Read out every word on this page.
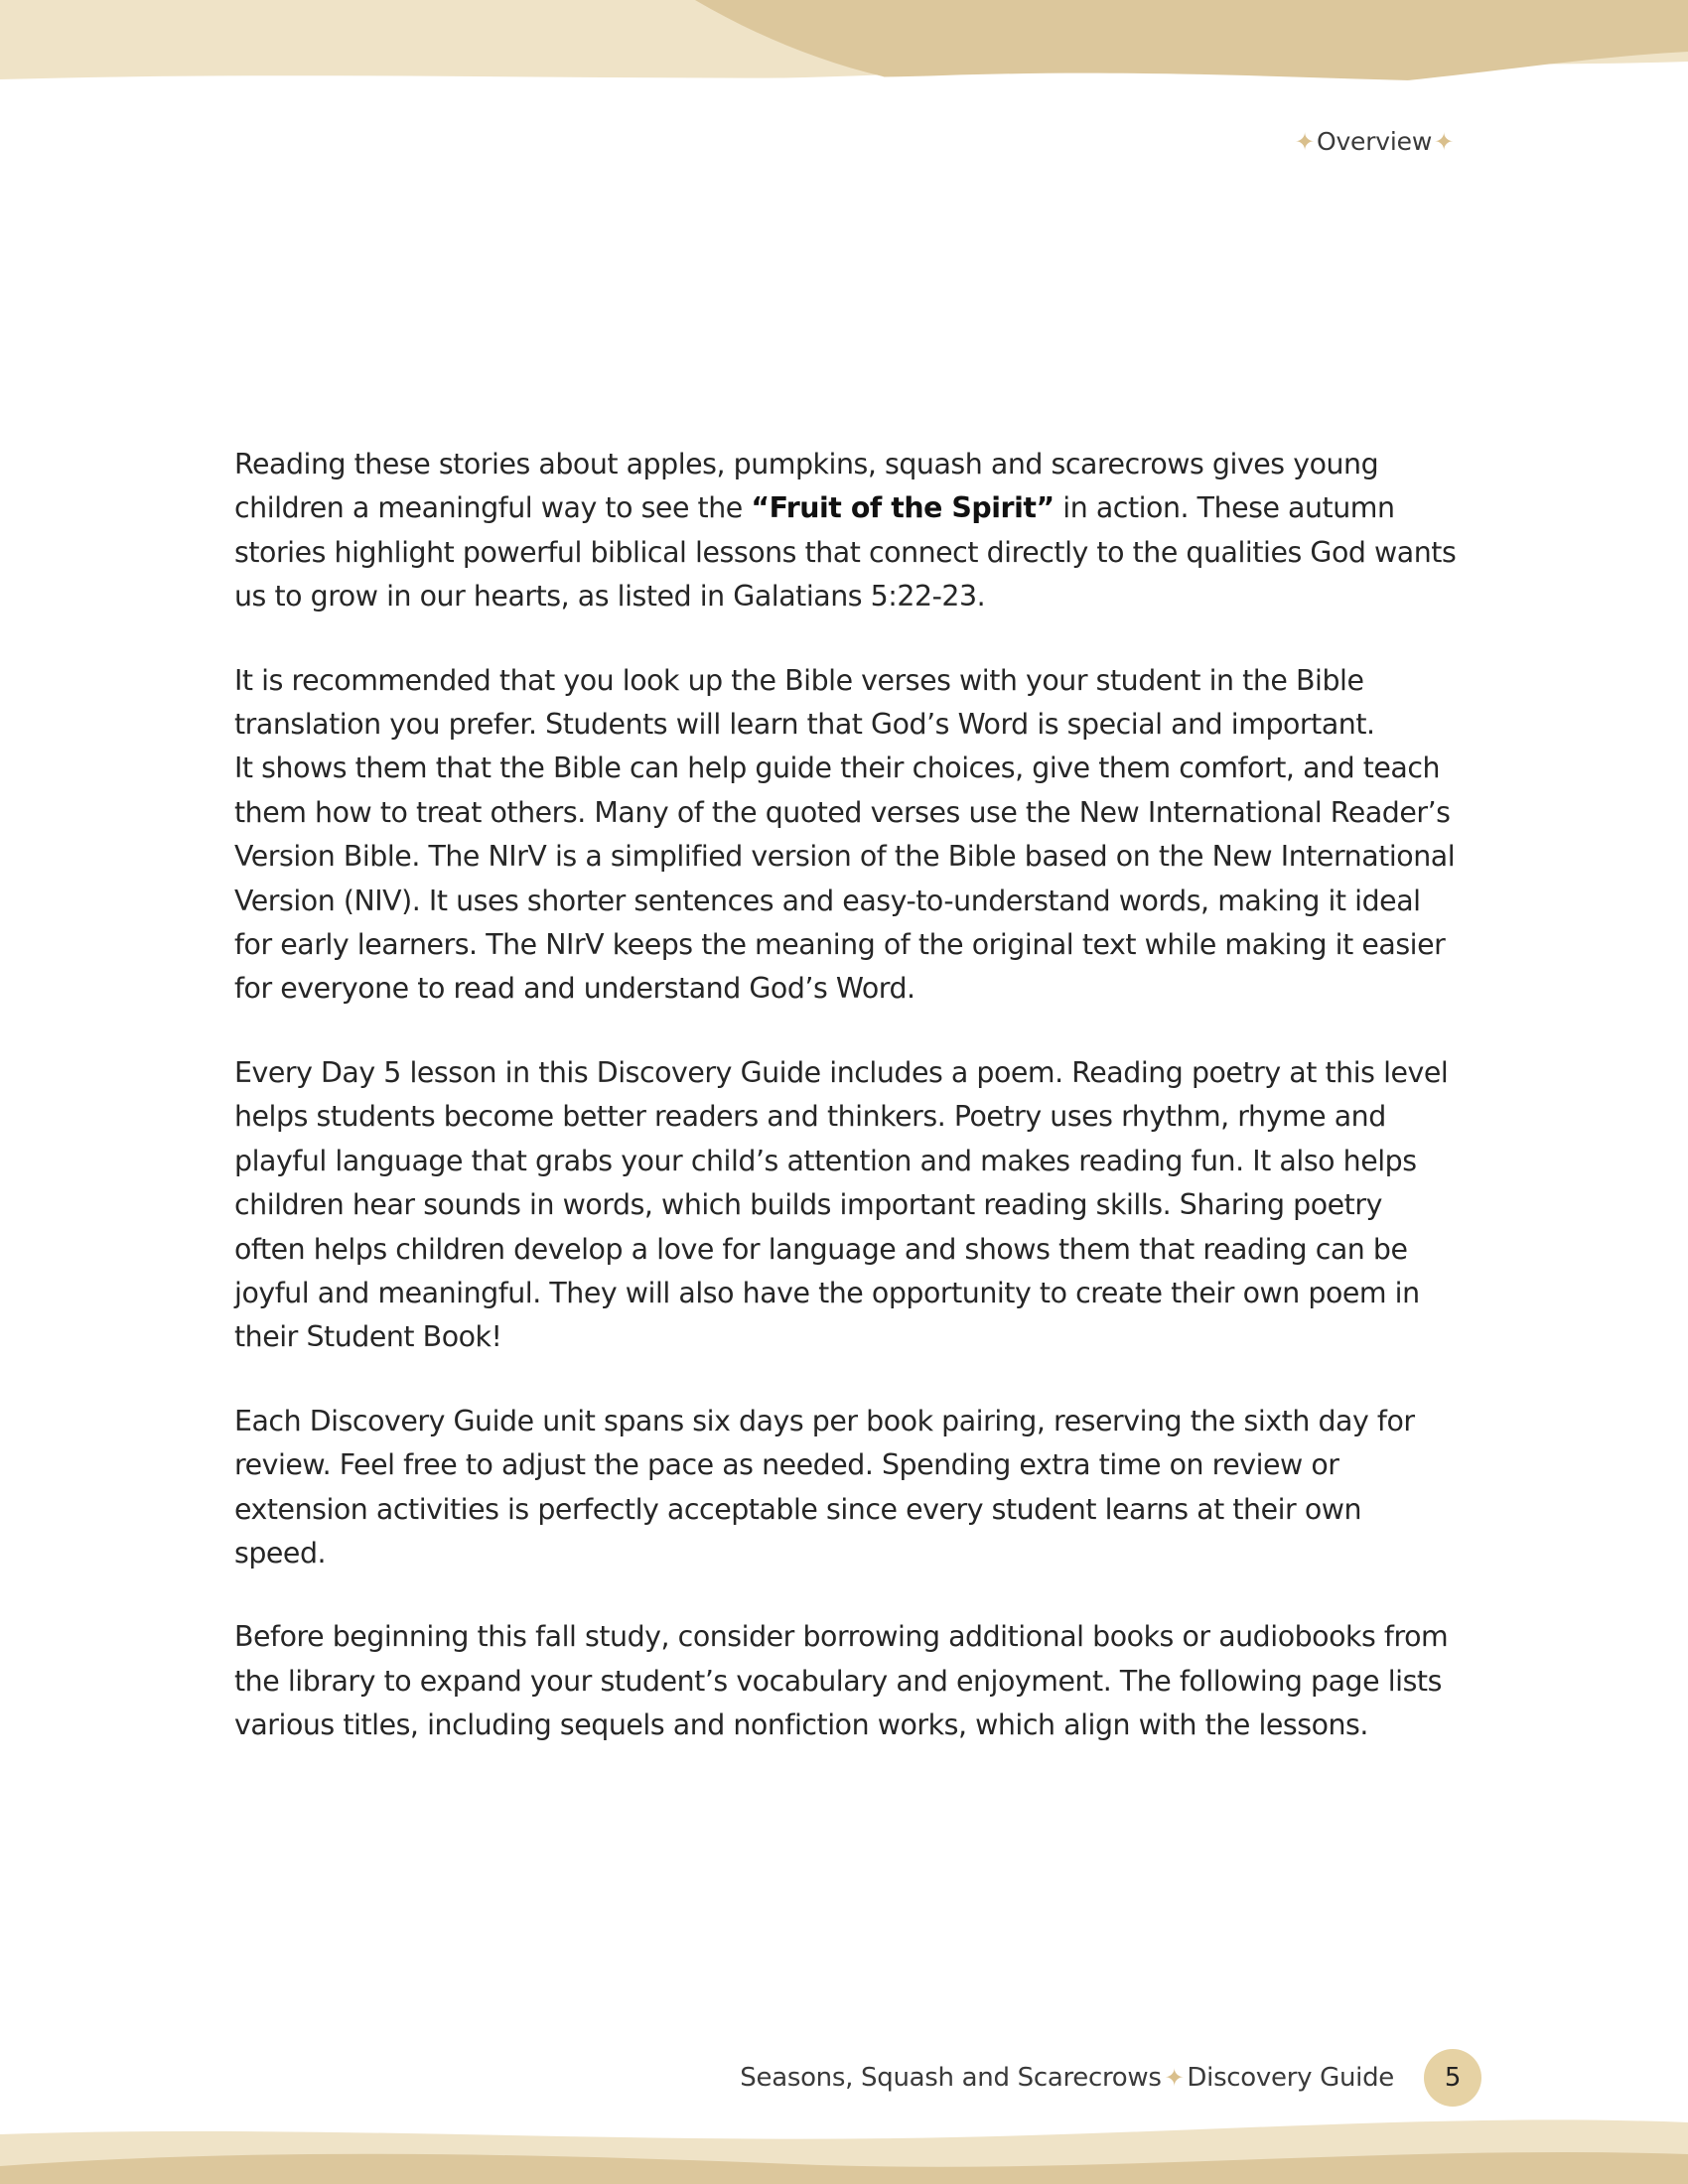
✦ Overview ✦

Reading these stories about apples, pumpkins, squash and scarecrows gives young children a meaningful way to see the “Fruit of the Spirit” in action. These autumn stories highlight powerful biblical lessons that connect directly to the qualities God wants us to grow in our hearts, as listed in Galatians 5:22-23.

It is recommended that you look up the Bible verses with your student in the Bible translation you prefer. Students will learn that God’s Word is special and important.
It shows them that the Bible can help guide their choices, give them comfort, and teach them how to treat others. Many of the quoted verses use the New International Reader’s Version Bible. The NIrV is a simplified version of the Bible based on the New International Version (NIV). It uses shorter sentences and easy-to-understand words, making it ideal for early learners. The NIrV keeps the meaning of the original text while making it easier for everyone to read and understand God’s Word.

Every Day 5 lesson in this Discovery Guide includes a poem. Reading poetry at this level helps students become better readers and thinkers. Poetry uses rhythm, rhyme and playful language that grabs your child’s attention and makes reading fun. It also helps children hear sounds in words, which builds important reading skills. Sharing poetry often helps children develop a love for language and shows them that reading can be joyful and meaningful. They will also have the opportunity to create their own poem in their Student Book!

Each Discovery Guide unit spans six days per book pairing, reserving the sixth day for review. Feel free to adjust the pace as needed. Spending extra time on review or extension activities is perfectly acceptable since every student learns at their own speed.

Before beginning this fall study, consider borrowing additional books or audiobooks from the library to expand your student’s vocabulary and enjoyment. The following page lists various titles, including sequels and nonfiction works, which align with the lessons.

Seasons, Squash and Scarecrows ✦ Discovery Guide	5
